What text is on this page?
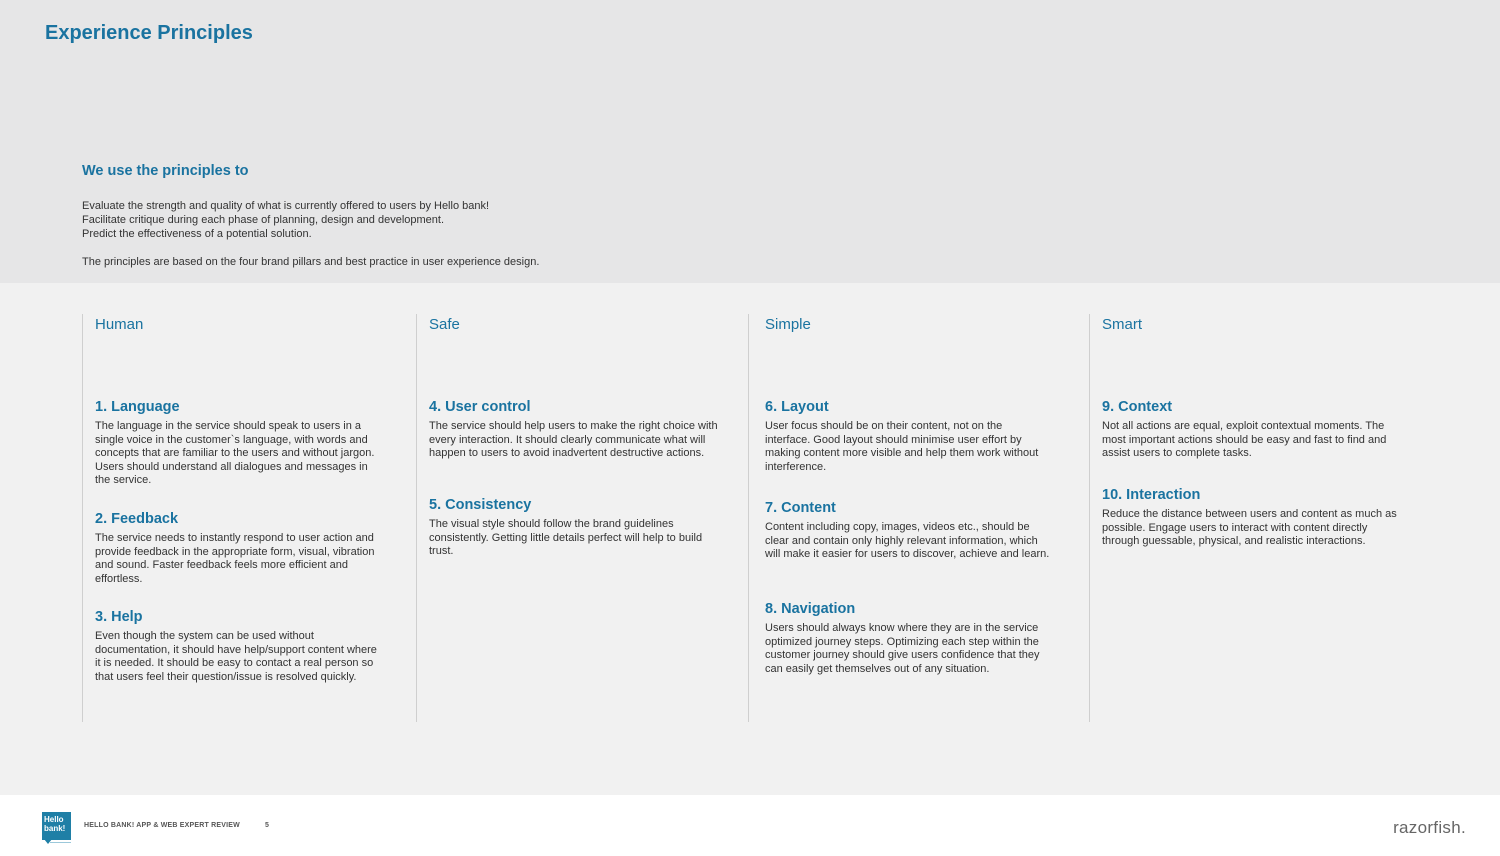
Experience Principles

We use the principles to

Evaluate the strength and quality of what is currently offered to users by Hello bank!

Facilitate critique during each phase of planning, design and development.

Predict the effectiveness of a potential solution.

The principles are based on the four brand pillars and best practice in user experience design.

Human

1. Language

The language in the service should speak to users in a single voice in the customer`s language, with words and concepts that are familiar to the users and without jargon. Users should understand all dialogues and messages in the service.

2. Feedback

The service needs to instantly respond to user action and provide feedback in the appropriate form, visual, vibration and sound. Faster feedback feels more efficient and effortless.

3. Help

Even though the system can be used without documentation, it should have help/support content where it is needed. It should be easy to contact a real person so that users feel their question/issue is resolved quickly.

Safe

4. User control

The service should help users to make the right choice with every interaction. It should clearly communicate what will happen to users to avoid inadvertent destructive actions.

5. Consistency

The visual style should follow the brand guidelines consistently. Getting little details perfect will help to build trust.

Simple

6. Layout

User focus should be on their content, not on the interface. Good layout should minimise user effort by making content more visible and help them work without interference.

7. Content

Content including copy, images, videos etc., should be clear and contain only highly relevant information, which will make it easier for users to discover, achieve and learn.

8. Navigation

Users should always know where they are in the service optimized journey steps. Optimizing each step within the customer journey should give users confidence that they can easily get themselves out of any situation.

Smart

9. Context

Not all actions are equal, exploit contextual moments. The most important actions should be easy and fast to find and assist users to complete tasks.

10. Interaction

Reduce the distance between users and content as much as possible. Engage users to interact with content directly through guessable, physical, and realistic interactions.

Hello bank!	HELLO BANK! APP & WEB EXPERT REVIEW	5	razorfish.
